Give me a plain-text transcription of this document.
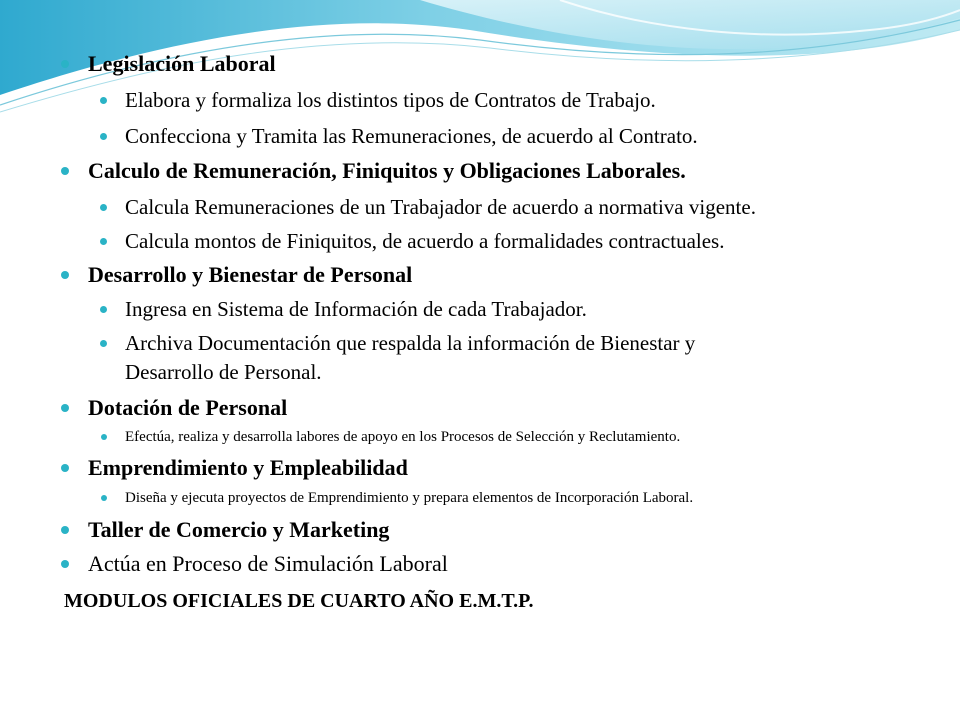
Legislación Laboral
Elabora y formaliza los distintos tipos de Contratos de Trabajo.
Confecciona y Tramita las Remuneraciones, de acuerdo al Contrato.
Calculo de Remuneración, Finiquitos y Obligaciones Laborales.
Calcula Remuneraciones de un Trabajador de acuerdo a normativa vigente.
Calcula montos de Finiquitos, de acuerdo a formalidades contractuales.
Desarrollo y Bienestar de Personal
Ingresa en Sistema de Información de cada Trabajador.
Archiva Documentación que respalda la información de Bienestar y
Desarrollo de Personal.
Dotación de Personal
Efectúa, realiza y desarrolla labores de apoyo en los Procesos de Selección y Reclutamiento.
Emprendimiento y Empleabilidad
Diseña y ejecuta proyectos de Emprendimiento y prepara elementos de Incorporación Laboral.
Taller de Comercio y Marketing
Actúa en Proceso de Simulación Laboral
MODULOS OFICIALES DE CUARTO AÑO E.M.T.P.
